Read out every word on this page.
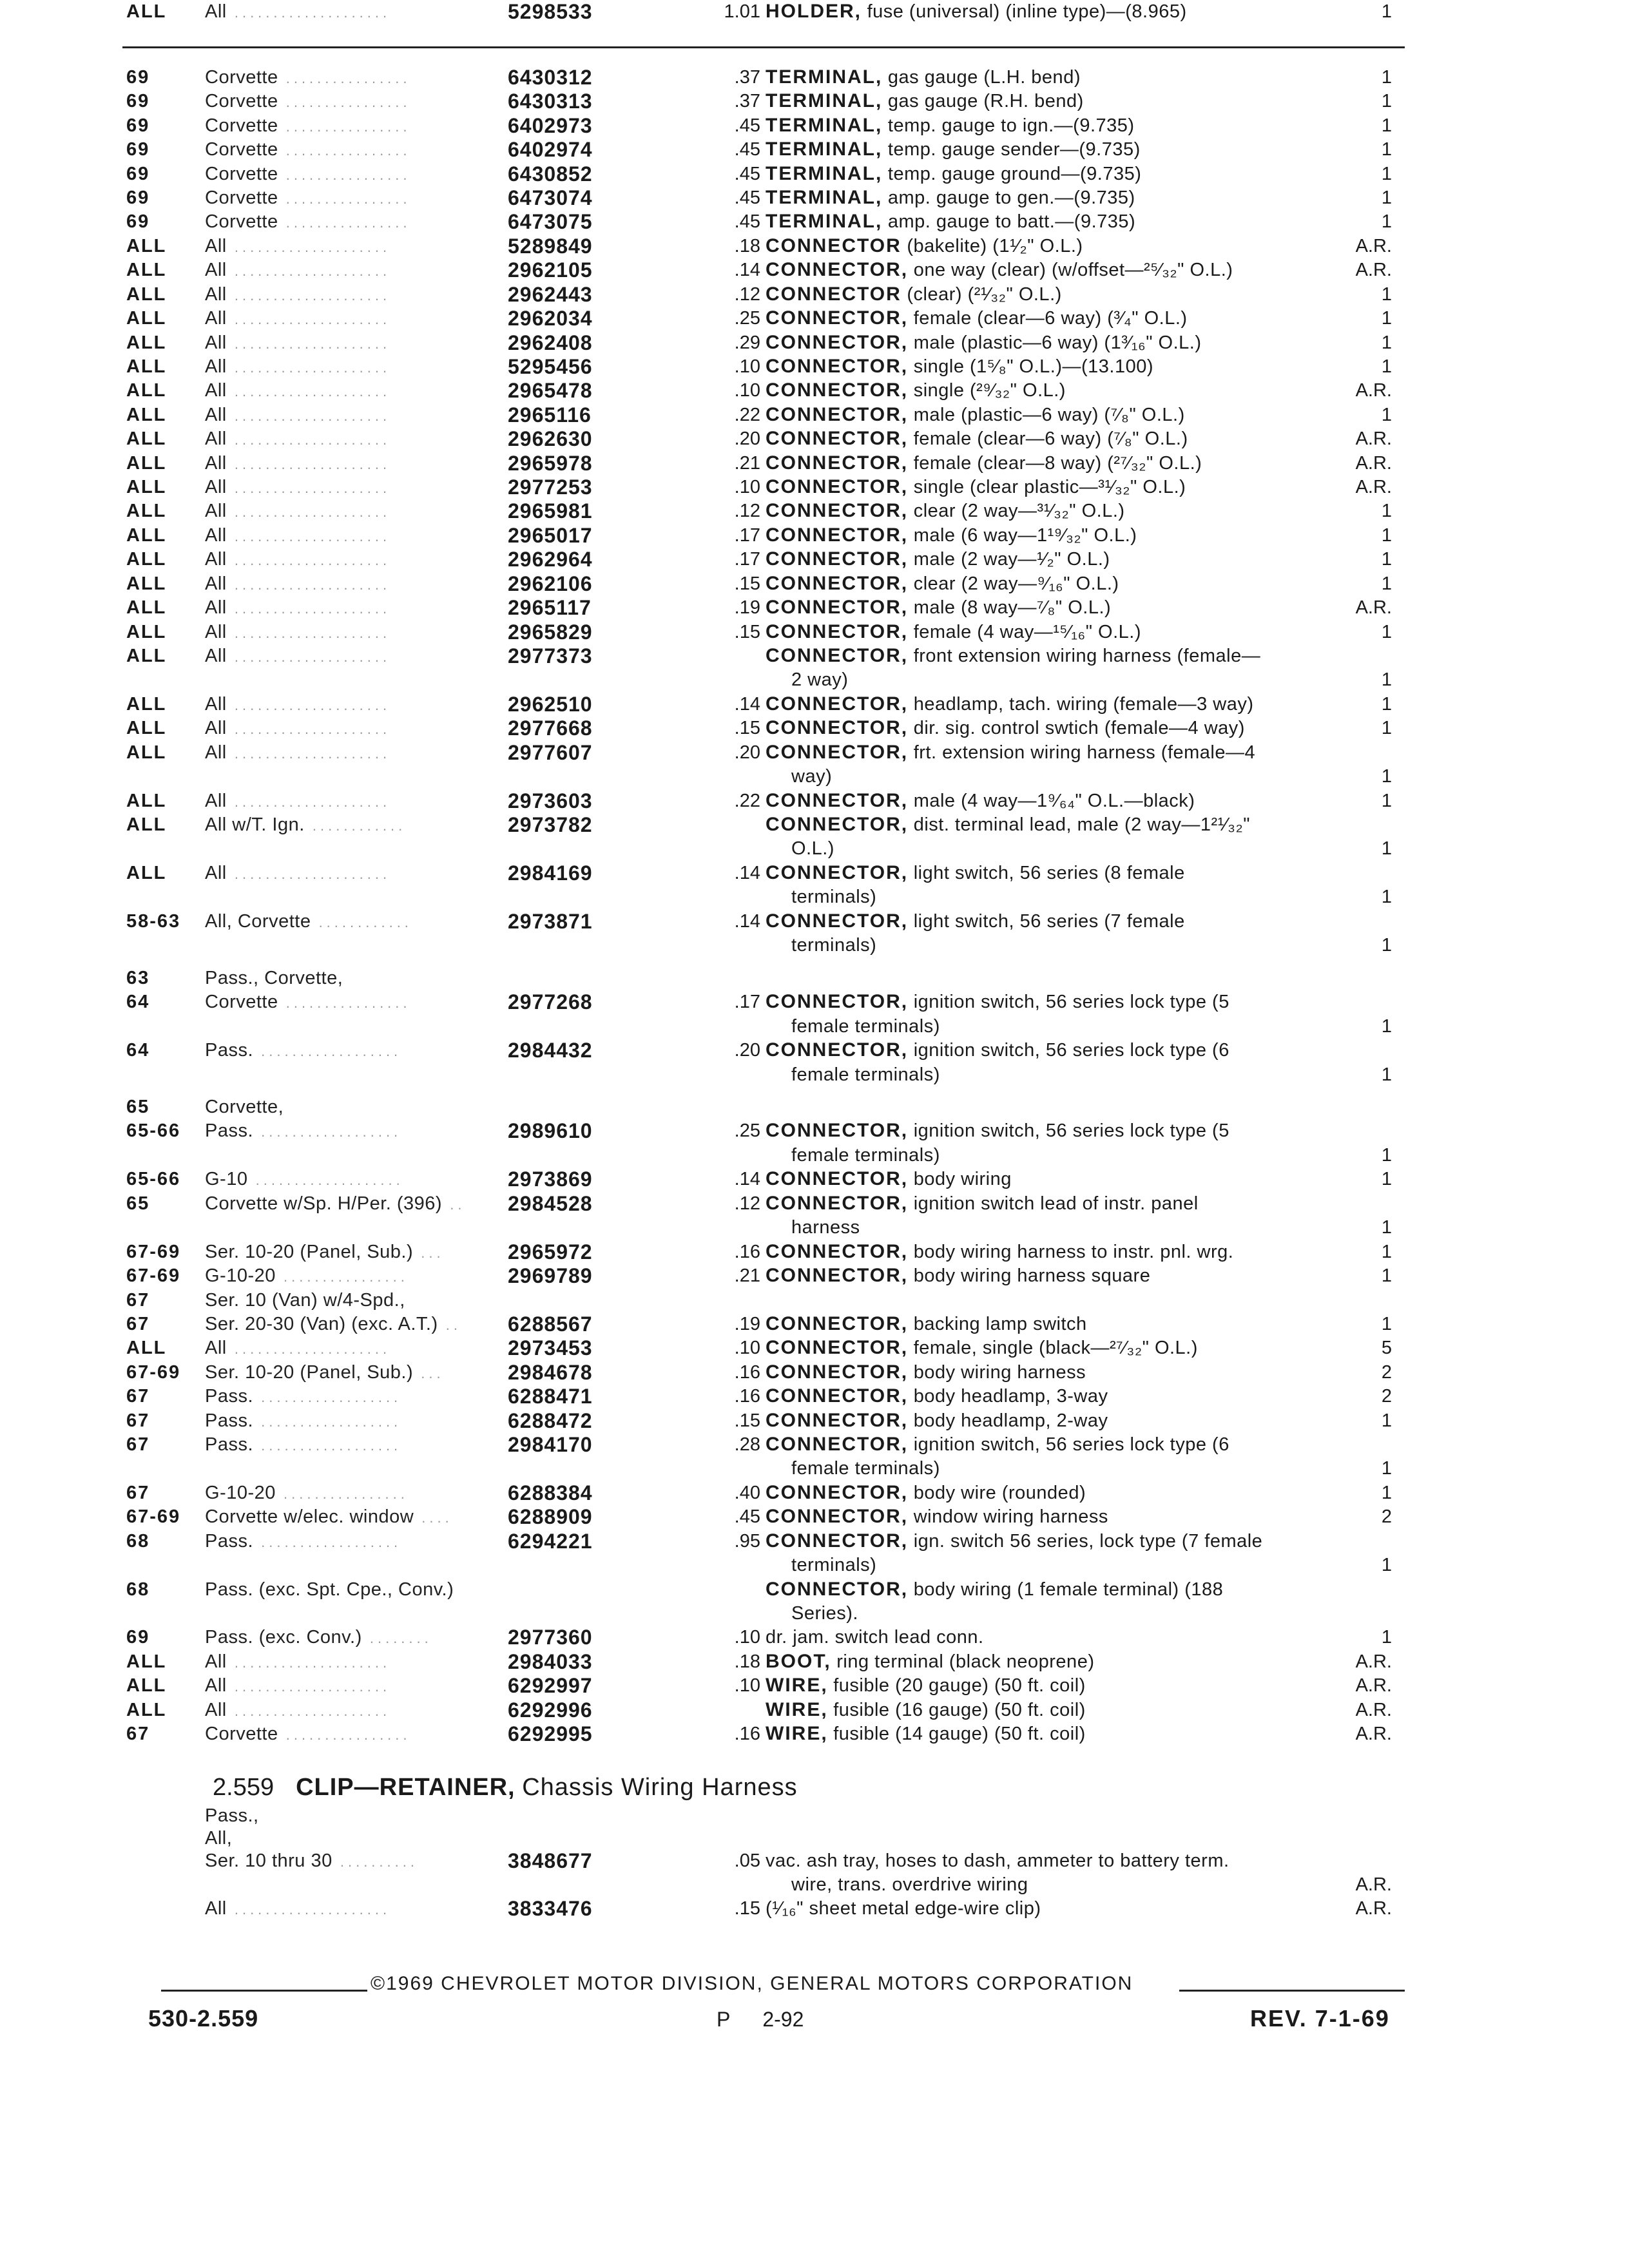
69	Corvette ................	6430312	.37 TERMINAL, gas gauge (L.H. bend)	1
69	Corvette ................	6430313	.37 TERMINAL, gas gauge (R.H. bend)	1
69	Corvette ................	6402973	.45 TERMINAL, temp. gauge to ign.—(9.735)	1
69	Corvette ................	6402974	.45 TERMINAL, temp. gauge sender—(9.735)	1
69	Corvette ................	6430852	.45 TERMINAL, temp. gauge ground—(9.735)	1
69	Corvette ................	6473074	.45 TERMINAL, amp. gauge to gen.—(9.735)	1
69	Corvette ................	6473075	.45 TERMINAL, amp. gauge to batt.—(9.735)	1
ALL All ....................	5289849	.18 CONNECTOR (bakelite) (1¹⁄₂" O.L.)	A.R.
ALL All ....................	2962105	.14 CONNECTOR, one way (clear) (w/offset—²⁵⁄₃₂" O.L.)	A.R.
ALL All ....................	2962443	.12 CONNECTOR (clear) (²¹⁄₃₂" O.L.)	1
ALL All ....................	2962034	.25 CONNECTOR, female (clear—6 way) (³⁄₄" O.L.)	1
ALL All ....................	2962408	.29 CONNECTOR, male (plastic—6 way) (1³⁄₁₆" O.L.)	1
ALL All ....................	5295456	.10 CONNECTOR, single (1⁵⁄₈" O.L.)—(13.100)	1
ALL All ....................	2965478	.10 CONNECTOR, single (²⁹⁄₃₂" O.L.)	A.R.
ALL All ....................	2965116	.22 CONNECTOR, male (plastic—6 way) (⁷⁄₈" O.L.)	1
ALL All ....................	2962630	.20 CONNECTOR, female (clear—6 way) (⁷⁄₈" O.L.)	A.R.
ALL All ....................	2965978	.21 CONNECTOR, female (clear—8 way) (²⁷⁄₃₂" O.L.)	A.R.
ALL All ....................	2977253	.10 CONNECTOR, single (clear plastic—³¹⁄₃₂" O.L.)	A.R.
ALL All ....................	2965981	.12 CONNECTOR, clear (2 way—³¹⁄₃₂" O.L.)	1
ALL All ....................	2965017	.17 CONNECTOR, male (6 way—1¹⁹⁄₃₂" O.L.)	1
ALL All ....................	2962964	.17 CONNECTOR, male (2 way—¹⁄₂" O.L.)	1
ALL All ....................	2962106	.15 CONNECTOR, clear (2 way—⁹⁄₁₆" O.L.)	1
ALL All ....................	2965117	.19 CONNECTOR, male (8 way—⁷⁄₈" O.L.)	A.R.
ALL All ....................	2965829	.15 CONNECTOR, female (4 way—¹⁵⁄₁₆" O.L.)	1
ALL All ....................	2977373	CONNECTOR, front extension wiring harness (female—
2 way)	1
ALL All ....................	2962510	.14 CONNECTOR, headlamp, tach. wiring (female—3 way)	1
ALL All ....................	2977668	.15 CONNECTOR, dir. sig. control swtich (female—4 way)	1
ALL All ....................	2977607	.20 CONNECTOR, frt. extension wiring harness (female—4
way)	1
ALL All ....................	2973603	.22 CONNECTOR, male (4 way—1⁹⁄₆₄" O.L.—black)	1
ALL All w/T. Ign. ............	2973782	CONNECTOR, dist. terminal lead, male (2 way—1²¹⁄₃₂"
O.L.)	1
ALL All ....................	2984169	.14 CONNECTOR, light switch, 56 series (8 female
terminals)	1
58-63 All, Corvette ............	2973871	.14 CONNECTOR, light switch, 56 series (7 female
terminals)	1
63	Pass., Corvette,
64	Corvette ................	2977268	.17 CONNECTOR, ignition switch, 56 series lock type (5
female terminals)	1
64	Pass. ..................	2984432	.20 CONNECTOR, ignition switch, 56 series lock type (6
female terminals)	1
65	Corvette,
65-66 Pass. ..................	2989610	.25 CONNECTOR, ignition switch, 56 series lock type (5
female terminals)	1
65-66 G-10 ...................	2973869	.14 CONNECTOR, body wiring	1
65	Corvette w/Sp. H/Per. (396) .. 2984528	.12 CONNECTOR, ignition switch lead of instr. panel
harness	1
67-69 Ser. 10-20 (Panel, Sub.) ...	2965972	.16 CONNECTOR, body wiring harness to instr. pnl. wrg.	1
67-69 G-10-20 ................	2969789	.21 CONNECTOR, body wiring harness square	1
67	Ser. 10 (Van) w/4-Spd.,
67	Ser. 20-30 (Van) (exc. A.T.) .. 6288567	.19 CONNECTOR, backing lamp switch	1
ALL All ....................	2973453	.10 CONNECTOR, female, single (black—²⁷⁄₃₂" O.L.)	5
67-69 Ser. 10-20 (Panel, Sub.) ...	2984678	.16 CONNECTOR, body wiring harness	2
67	Pass. ..................	6288471	.16 CONNECTOR, body headlamp, 3-way	2
67	Pass. ..................	6288472	.15 CONNECTOR, body headlamp, 2-way	1
67	Pass. ..................	2984170	.28 CONNECTOR, ignition switch, 56 series lock type (6
female terminals)	1
67	G-10-20 ................	6288384	.40 CONNECTOR, body wire (rounded)	1
67-69 Corvette w/elec. window ....	6288909	.45 CONNECTOR, window wiring harness	2
68	Pass. ..................	6294221	.95 CONNECTOR, ign. switch 56 series, lock type (7 female
terminals)	1
68	Pass. (exc. Spt. Cpe., Conv.)	CONNECTOR, body wiring (1 female terminal) (188
Series).
69	Pass. (exc. Conv.) ........	2977360	.10 dr. jam. switch lead conn.	1
ALL All ....................	2984033	.18 BOOT, ring terminal (black neoprene)	A.R.
ALL All ....................	6292997	.10 WIRE, fusible (20 gauge) (50 ft. coil)	A.R.
ALL All ....................	6292996	WIRE, fusible (16 gauge) (50 ft. coil)	A.R.
67	Corvette ................	6292995	.16 WIRE, fusible (14 gauge) (50 ft. coil)	A.R.
ALL All ....................	5298533	1.01 HOLDER, fuse (universal) (inline type)—(8.965)	1
2.559 CLIP—RETAINER, Chassis Wiring Harness
Pass.,
All,
Ser. 10 thru 30 ..........	3848677	.05 vac. ash tray, hoses to dash, ammeter to battery term.
wire, trans. overdrive wiring	A.R.
All ....................	3833476	.15 (¹⁄₁₆" sheet metal edge-wire clip)	A.R.
©1969 CHEVROLET MOTOR DIVISION, GENERAL MOTORS CORPORATION
530-2.559	P 2-92	REV. 7-1-69
